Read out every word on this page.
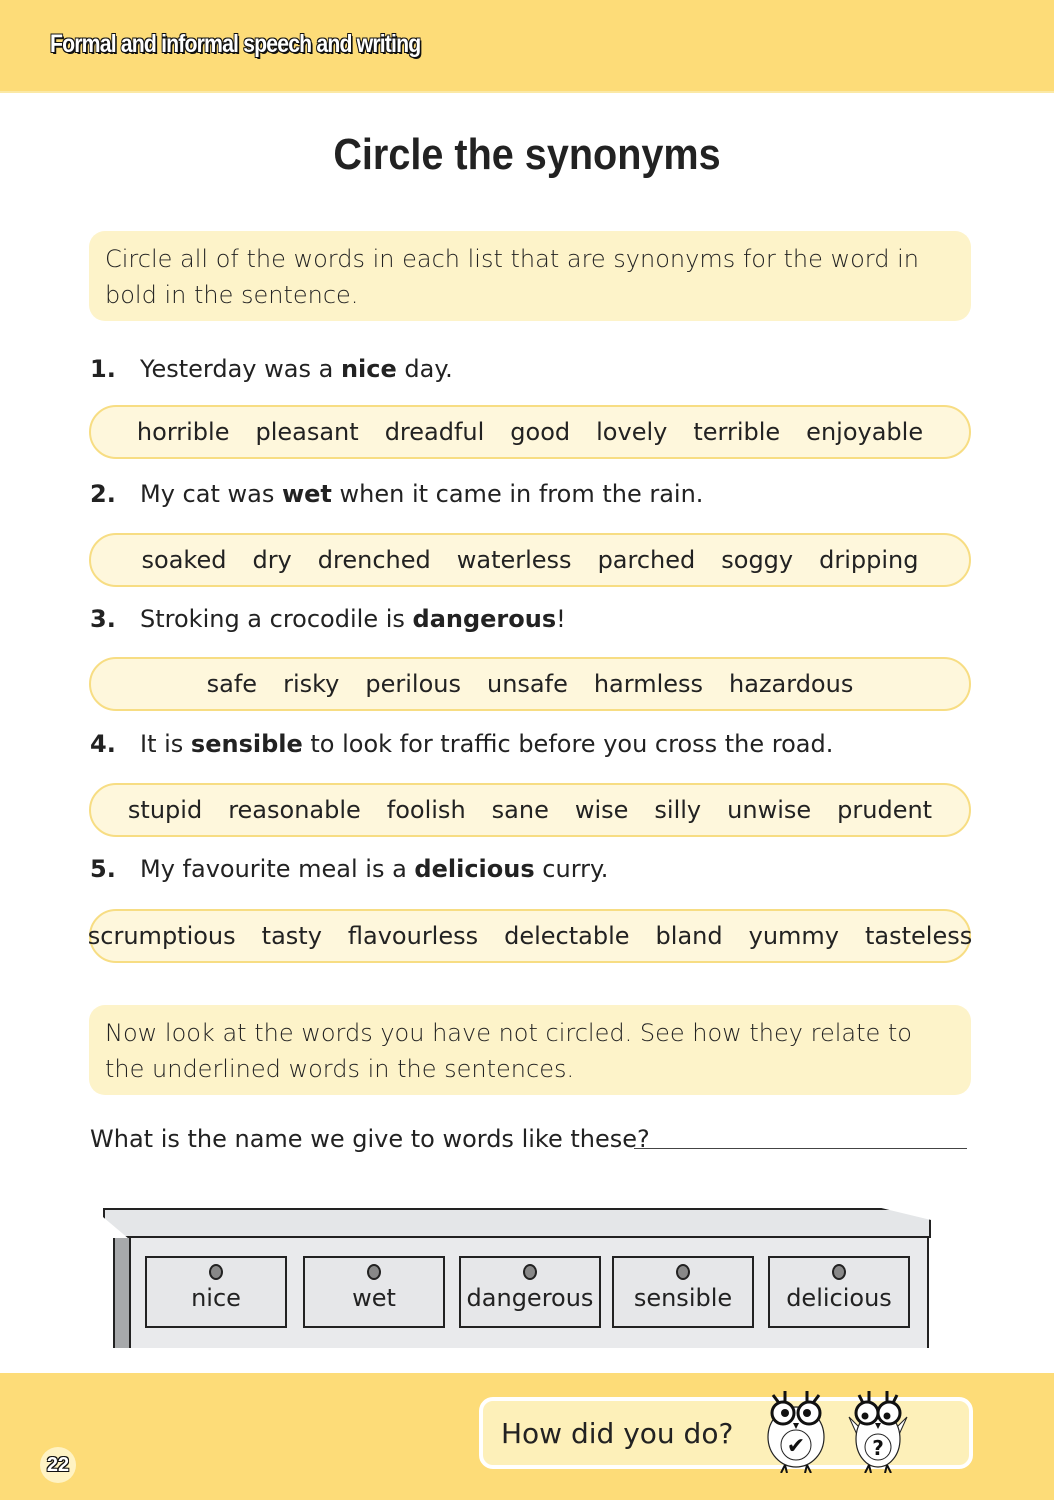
Formal and informal speech and writing
Circle the synonyms
Circle all of the words in each list that are synonyms for the word in bold in the sentence.
1. Yesterday was a nice day.
horrible pleasant dreadful good lovely terrible enjoyable
2. My cat was wet when it came in from the rain.
soaked dry drenched waterless parched soggy dripping
3. Stroking a crocodile is dangerous!
safe risky perilous unsafe harmless hazardous
4. It is sensible to look for traffic before you cross the road.
stupid reasonable foolish sane wise silly unwise prudent
5. My favourite meal is a delicious curry.
scrumptious tasty flavourless delectable bland yummy tasteless
Now look at the words you have not circled. See how they relate to the underlined words in the sentences.
What is the name we give to words like these?
nice	wet	dangerous sensible delicious
22
How did you do? ✔	?
